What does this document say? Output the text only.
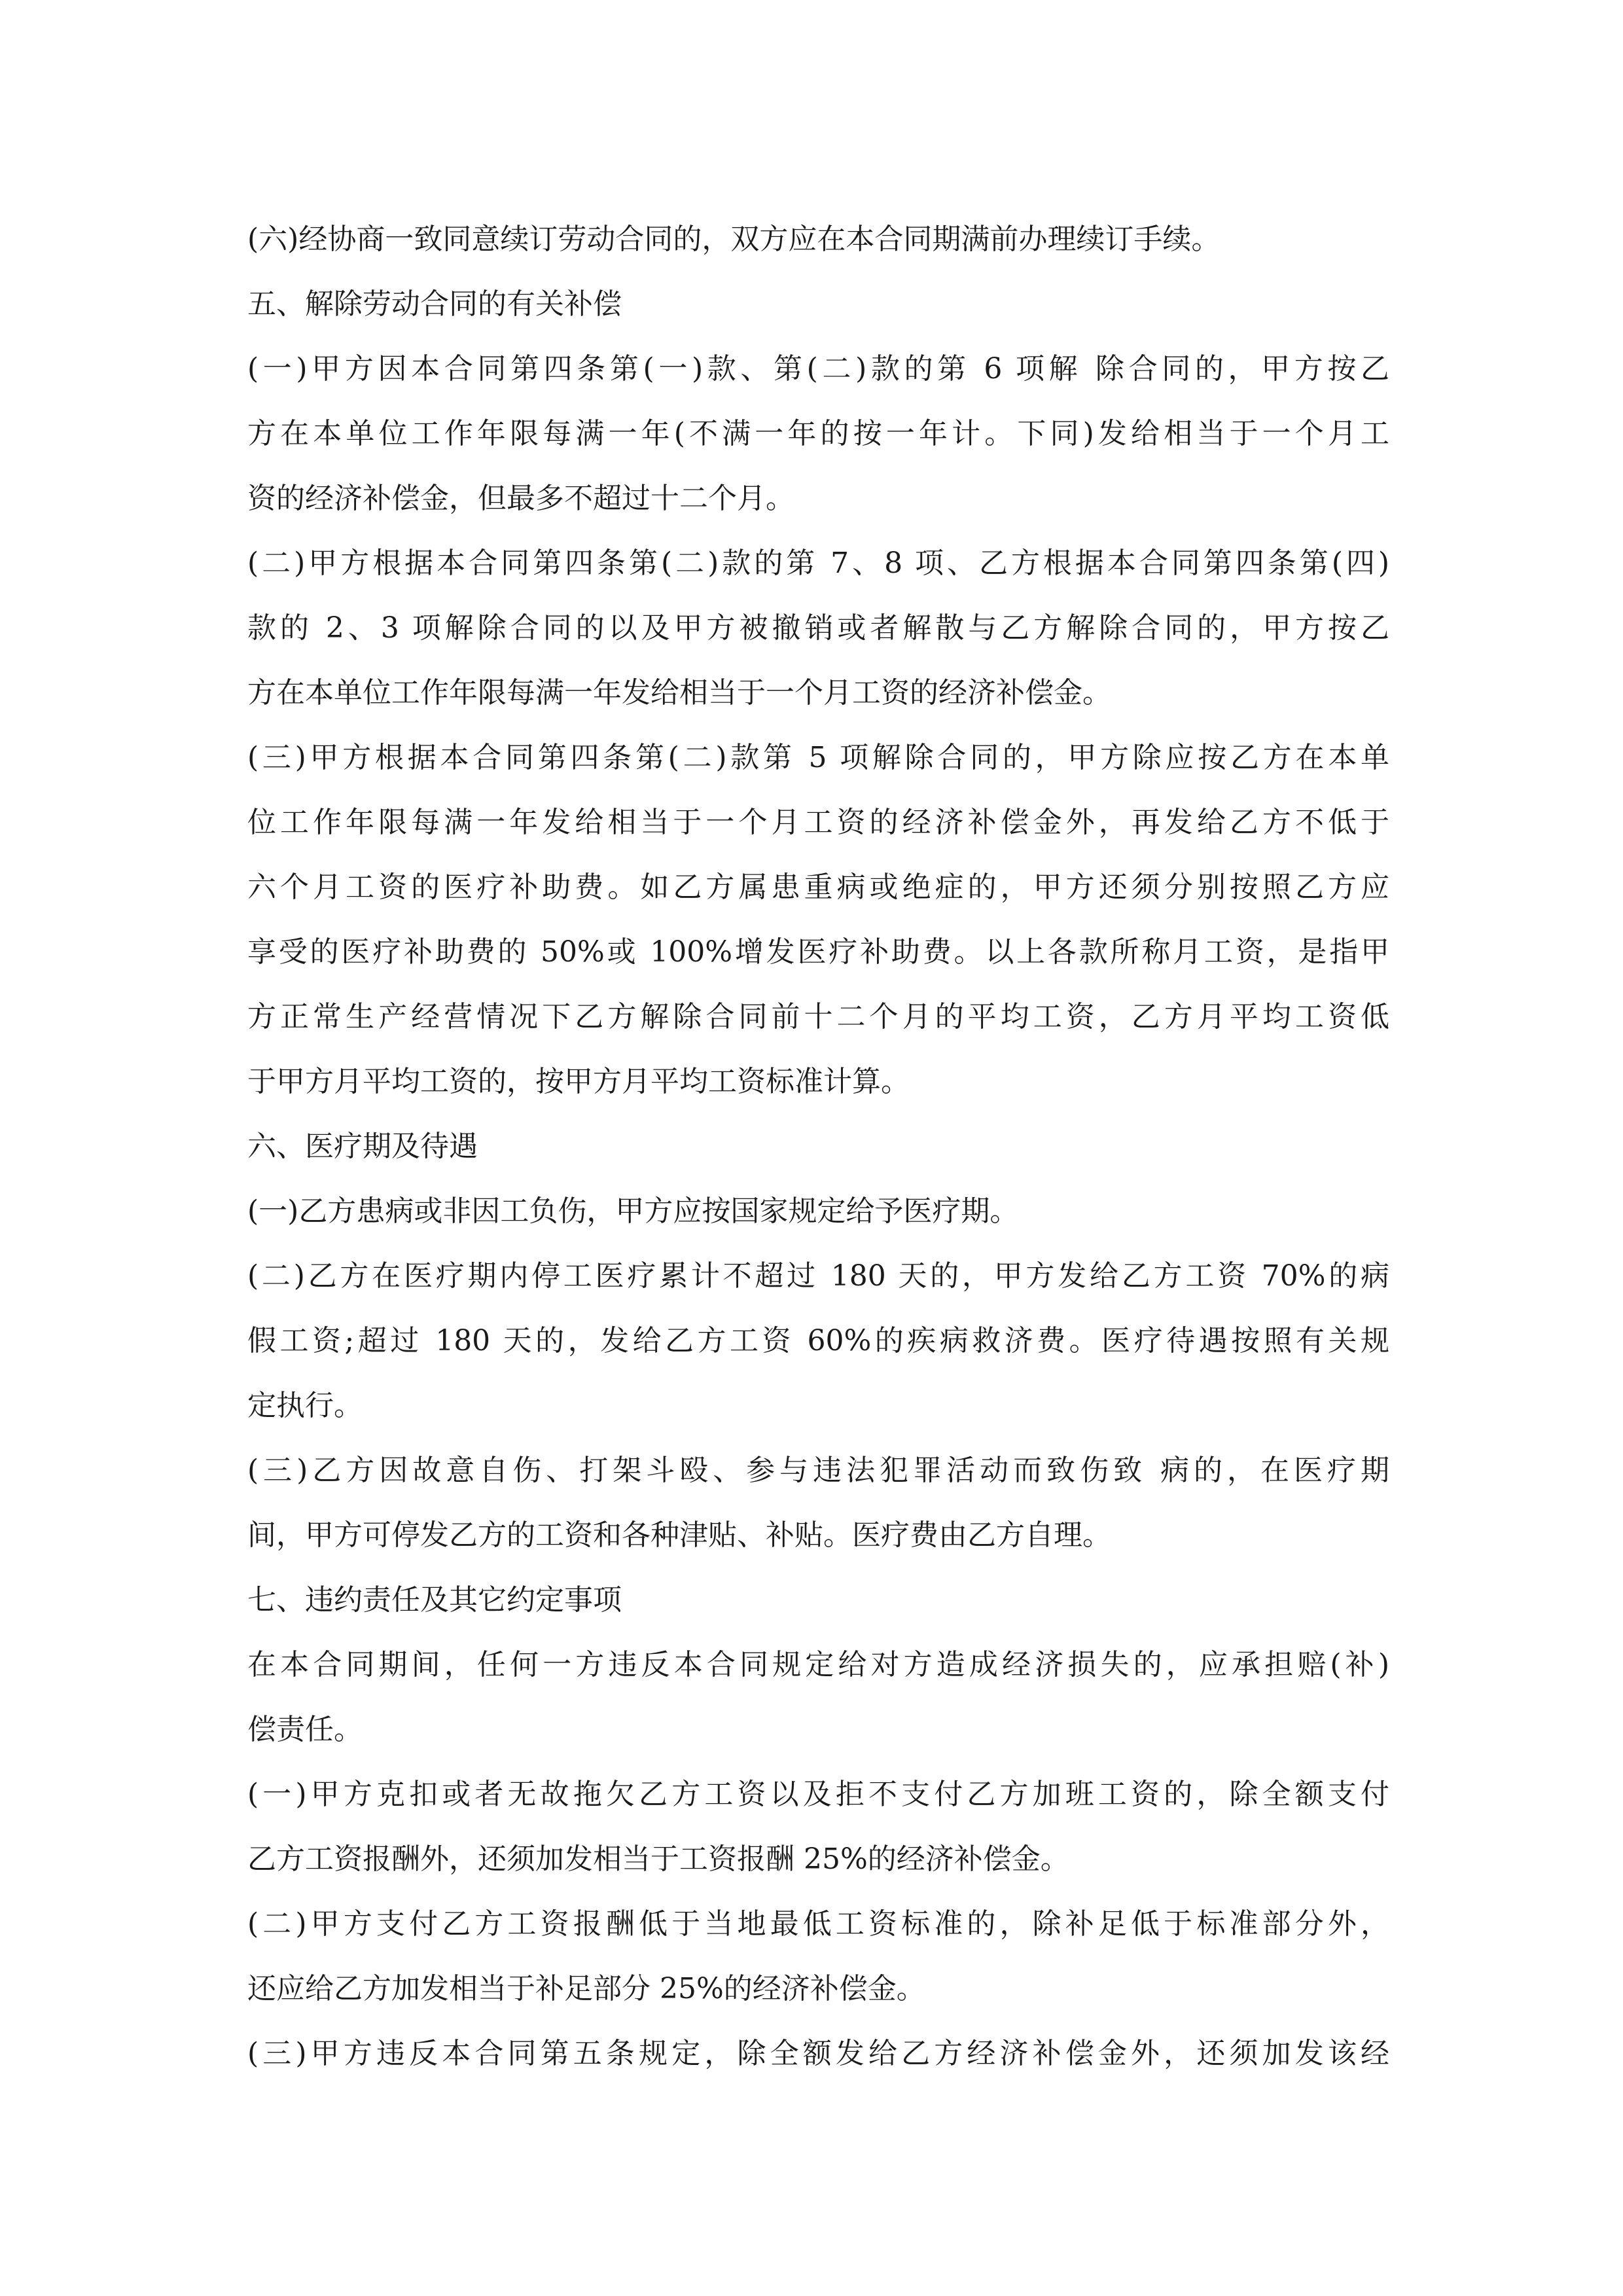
(六)经协商一致同意续订劳动合同的，双方应在本合同期满前办理续订手续。
五、解除劳动合同的有关补偿
(一)甲方因本合同第四条第(一)款、第(二)款的第 6 项解 除合同的，甲方按乙
方在本单位工作年限每满一年(不满一年的按一年计。下同)发给相当于一个月工
资的经济补偿金，但最多不超过十二个月。
(二)甲方根据本合同第四条第(二)款的第 7、8 项、乙方根据本合同第四条第(四)
款的 2、3 项解除合同的以及甲方被撤销或者解散与乙方解除合同的，甲方按乙
方在本单位工作年限每满一年发给相当于一个月工资的经济补偿金。
(三)甲方根据本合同第四条第(二)款第 5 项解除合同的，甲方除应按乙方在本单
位工作年限每满一年发给相当于一个月工资的经济补偿金外，再发给乙方不低于
六个月工资的医疗补助费。如乙方属患重病或绝症的，甲方还须分别按照乙方应
享受的医疗补助费的 50%或 100%增发医疗补助费。以上各款所称月工资，是指甲
方正常生产经营情况下乙方解除合同前十二个月的平均工资，乙方月平均工资低
于甲方月平均工资的，按甲方月平均工资标准计算。
六、医疗期及待遇
(一)乙方患病或非因工负伤，甲方应按国家规定给予医疗期。
(二)乙方在医疗期内停工医疗累计不超过 180 天的，甲方发给乙方工资 70%的病
假工资;超过 180 天的，发给乙方工资 60%的疾病救济费。医疗待遇按照有关规
定执行。
(三)乙方因故意自伤、打架斗殴、参与违法犯罪活动而致伤致 病的，在医疗期
间，甲方可停发乙方的工资和各种津贴、补贴。医疗费由乙方自理。
七、违约责任及其它约定事项
在本合同期间，任何一方违反本合同规定给对方造成经济损失的，应承担赔(补)
偿责任。
(一)甲方克扣或者无故拖欠乙方工资以及拒不支付乙方加班工资的，除全额支付
乙方工资报酬外，还须加发相当于工资报酬 25%的经济补偿金。
(二)甲方支付乙方工资报酬低于当地最低工资标准的，除补足低于标准部分外，
还应给乙方加发相当于补足部分 25%的经济补偿金。
(三)甲方违反本合同第五条规定，除全额发给乙方经济补偿金外，还须加发该经
